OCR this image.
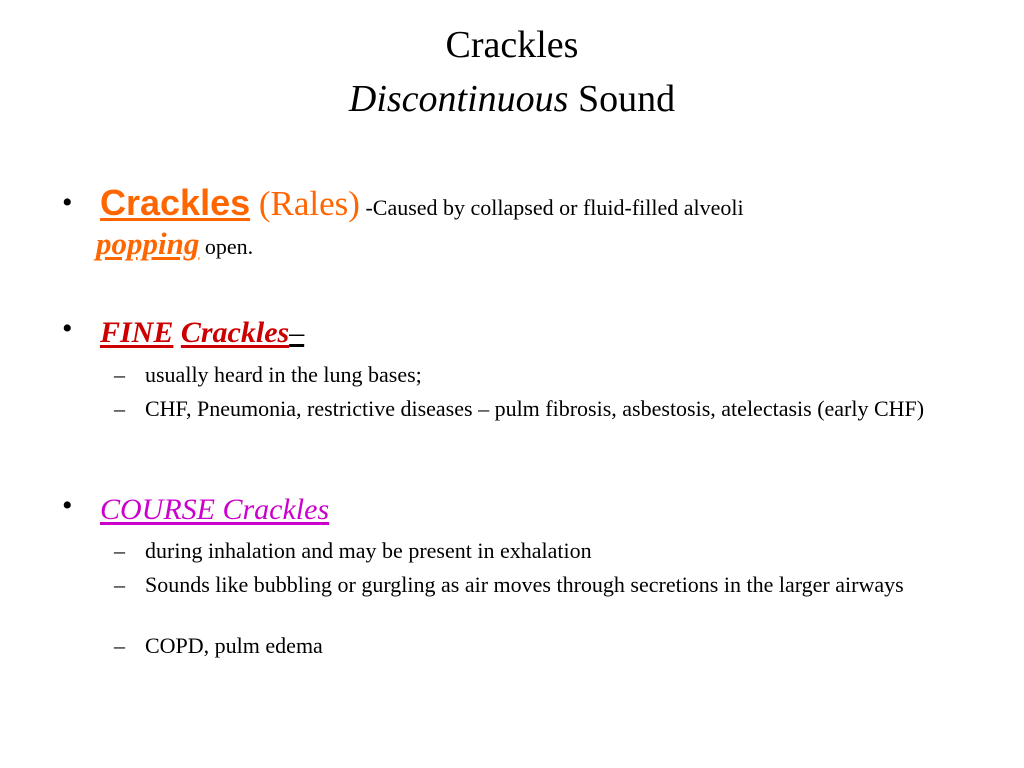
Crackles
Discontinuous Sound
• Crackles (Rales) -Caused by collapsed or fluid-filled alveoli
popping open.
• FINE Crackles–
– usually heard in the lung bases;
– CHF, Pneumonia, restrictive diseases – pulm fibrosis, asbestosis, atelectasis (early CHF)
• COURSE Crackles
– during inhalation and may be present in exhalation
– Sounds like bubbling or gurgling as air moves through secretions in the larger airways
– COPD, pulm edema
